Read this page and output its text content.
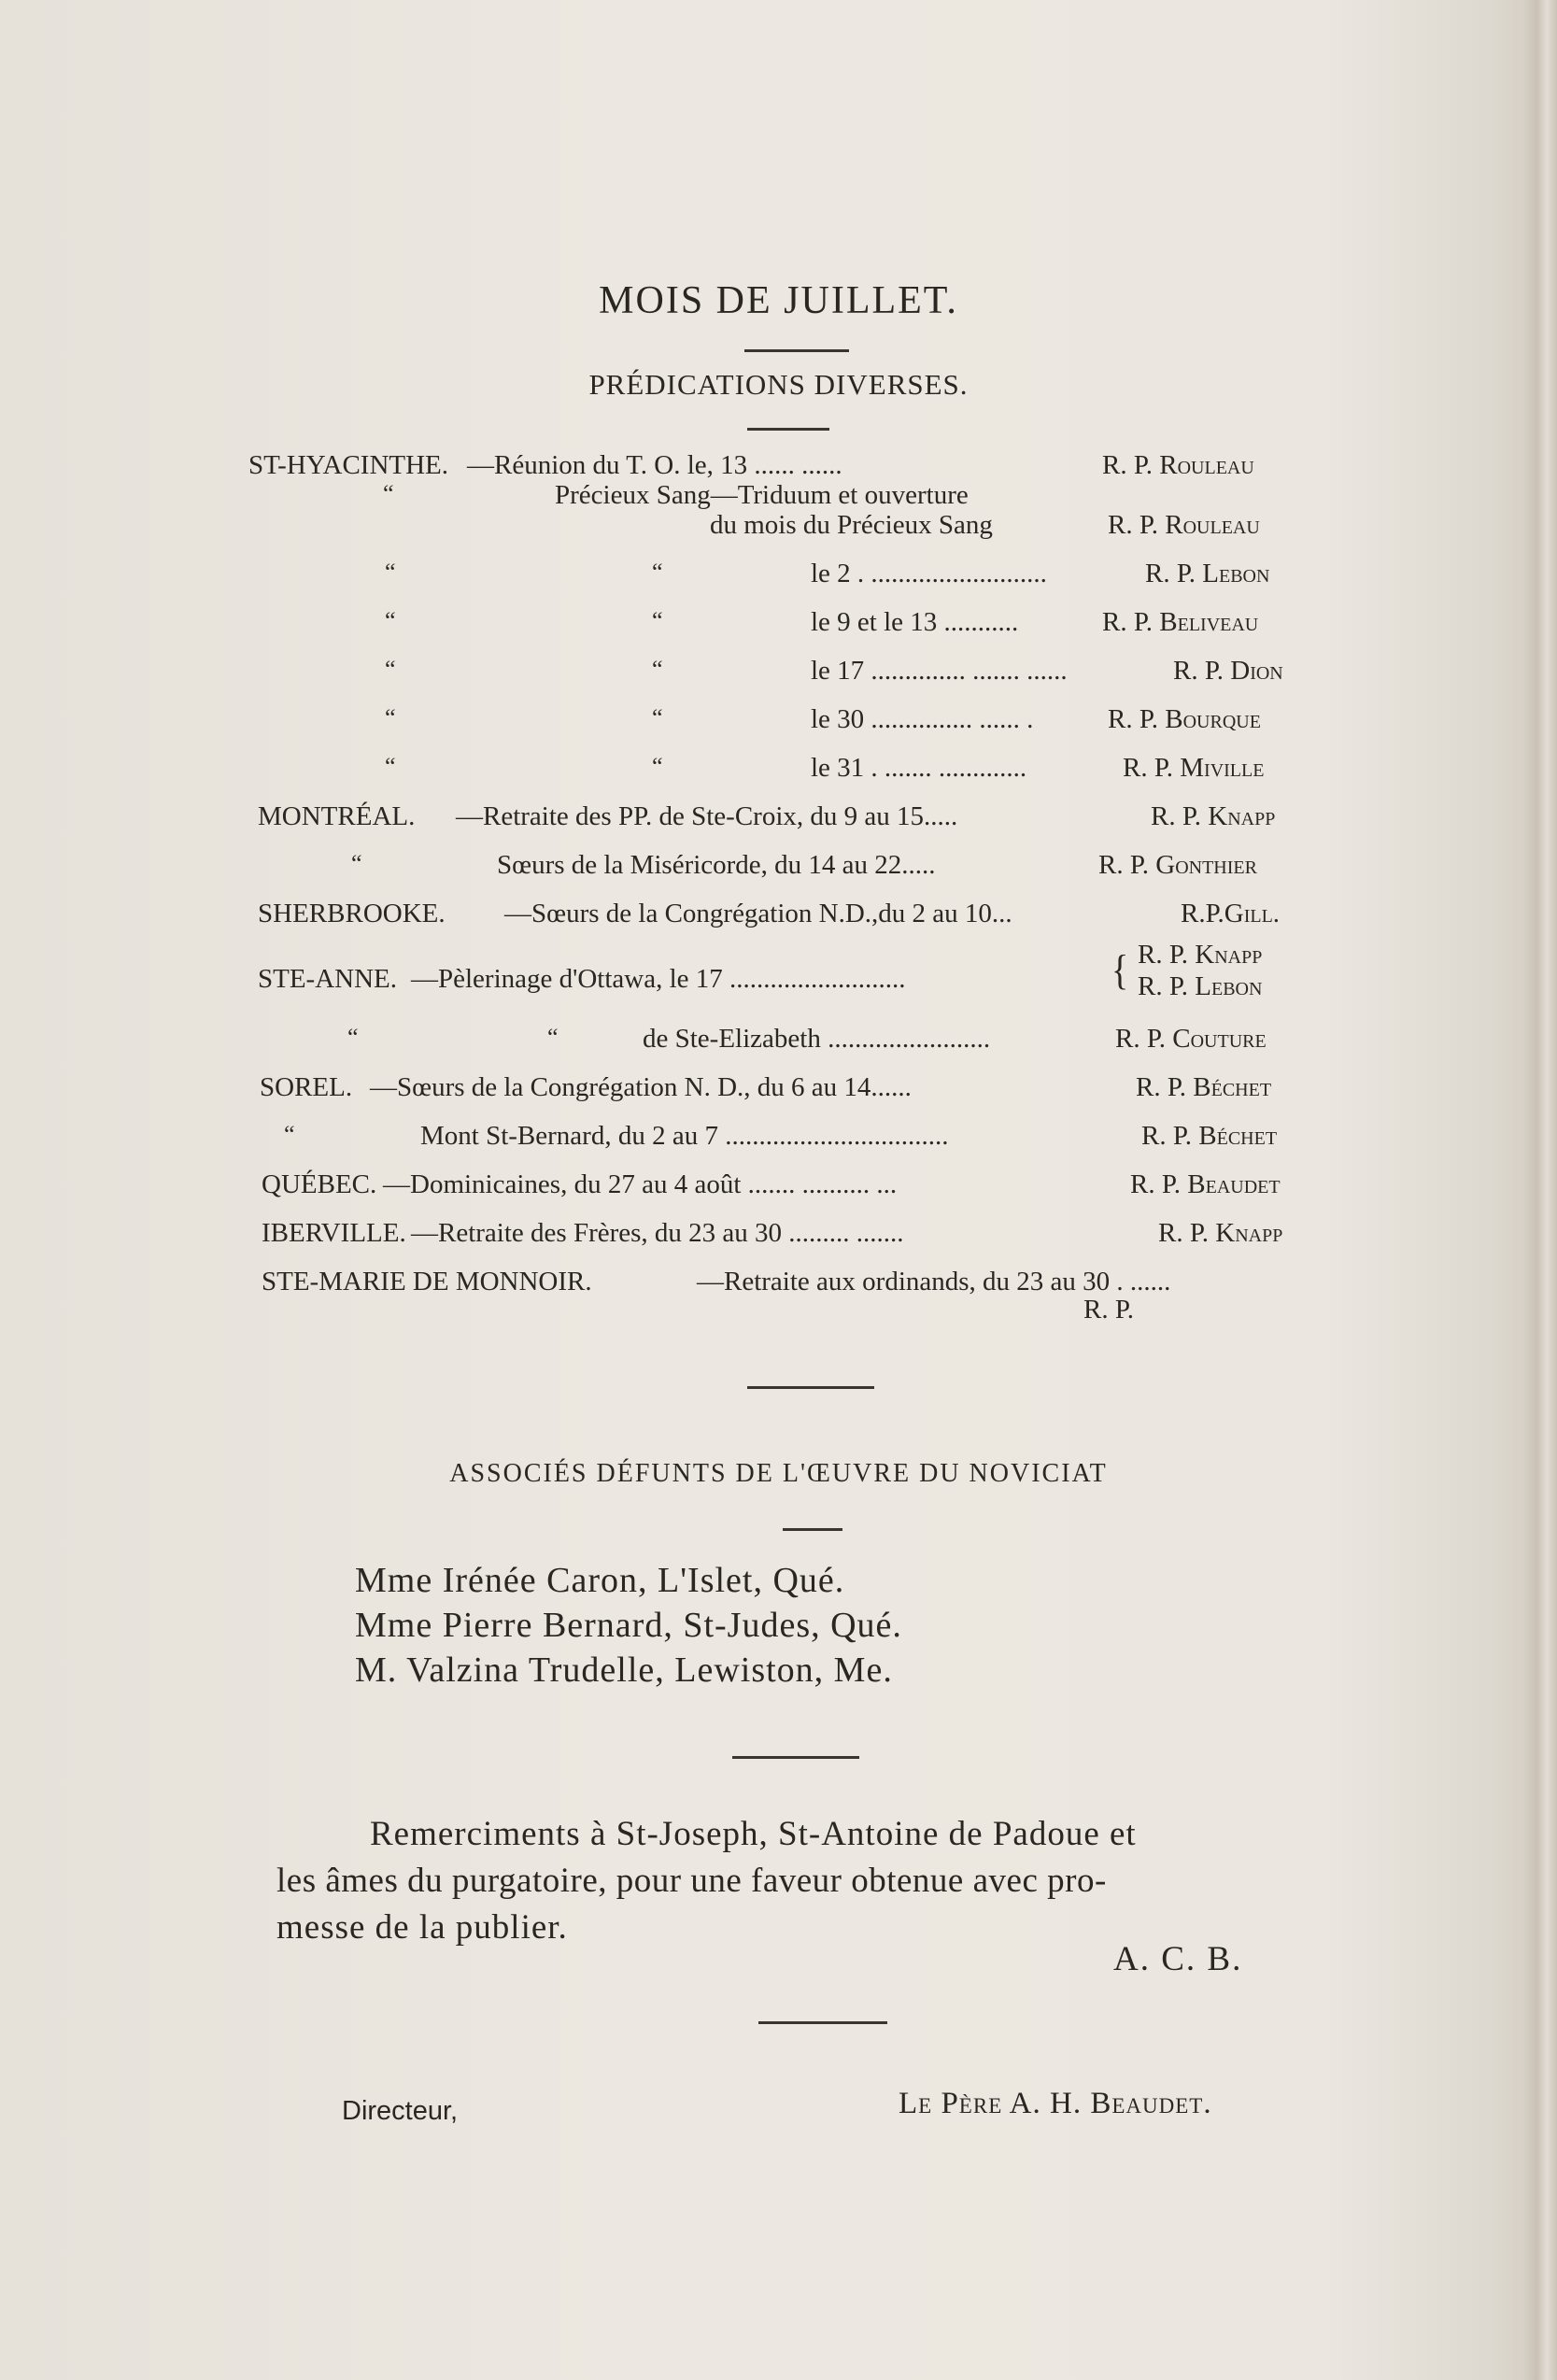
MOIS DE JUILLET.
PRÉDICATIONS DIVERSES.
ST-HYACINTHE. —Réunion du T. O. le, 13 ...... ......	R. P. Rouleau
“	Précieux Sang—Triduum et ouverture
du mois du Précieux Sang	R. P. Rouleau
“	“	le 2 . ..........................	R. P. Lebon
“	“	le 9 et le 13 ...........	R. P. Beliveau
“	“	le 17 .............. ....... ......	R. P. Dion
“	“	le 30 ............... ...... .	R. P. Bourque
“	“	le 31 . ....... .............	R. P. Miville
MONTRÉAL. —Retraite des PP. de Ste-Croix, du 9 au 15.....	R. P. Knapp
“	Sœurs de la Miséricorde, du 14 au 22.....	R. P. Gonthier
SHERBROOKE. —Sœurs de la Congrégation N.D.,du 2 au 10...	R.P.Gill.
STE-ANNE. —Pèlerinage d'Ottawa, le 17 ..........................	{ R. P. Knapp
R. P. Lebon
“	“	de Ste-Elizabeth ........................	R. P. Couture
SOREL. —Sœurs de la Congrégation N. D., du 6 au 14......	R. P. Béchet
“	Mont St-Bernard, du 2 au 7 .................................	R. P. Béchet
QUÉBEC. —Dominicaines, du 27 au 4 août ....... .......... ...	R. P. Beaudet
IBERVILLE. —Retraite des Frères, du 23 au 30 ......... .......	R. P. Knapp
STE-MARIE DE MONNOIR.	—Retraite aux ordinands, du 23 au 30 . ......
R. P.
ASSOCIÉS DÉFUNTS DE L'ŒUVRE DU NOVICIAT
Mme Irénée Caron, L'Islet, Qué.
Mme Pierre Bernard, St-Judes, Qué.
M. Valzina Trudelle, Lewiston, Me.
Remerciments à St-Joseph, St-Antoine de Padoue et
les âmes du purgatoire, pour une faveur obtenue avec pro-
messe de la publier.
A. C. B.
Directeur,	Le Père A. H. Beaudet.
